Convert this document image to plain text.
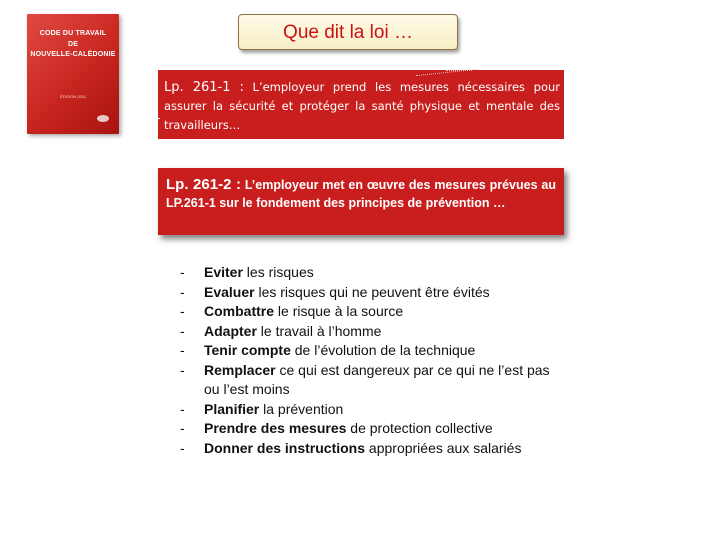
CODE DU TRAVAIL
DE
NOUVELLE-CALÉDONIE
ÉDITION 2011
Que dit la loi …
Lp. 261-1 : L’employeur prend les mesures nécessaires pour assurer la sécurité et protéger la santé physique et mentale des travailleurs…
Lp. 261-2 : L’employeur met en œuvre des mesures prévues au LP.261-1 sur le fondement des principes de prévention …
- Eviter les risques
- Evaluer les risques qui ne peuvent être évités
- Combattre le risque à la source
- Adapter le travail à l’homme
- Tenir compte de l’évolution de la technique
- Remplacer ce qui est dangereux par ce qui ne l’est pas ou l’est moins
- Planifier la prévention
- Prendre des mesures de protection collective
- Donner des instructions appropriées aux salariés
